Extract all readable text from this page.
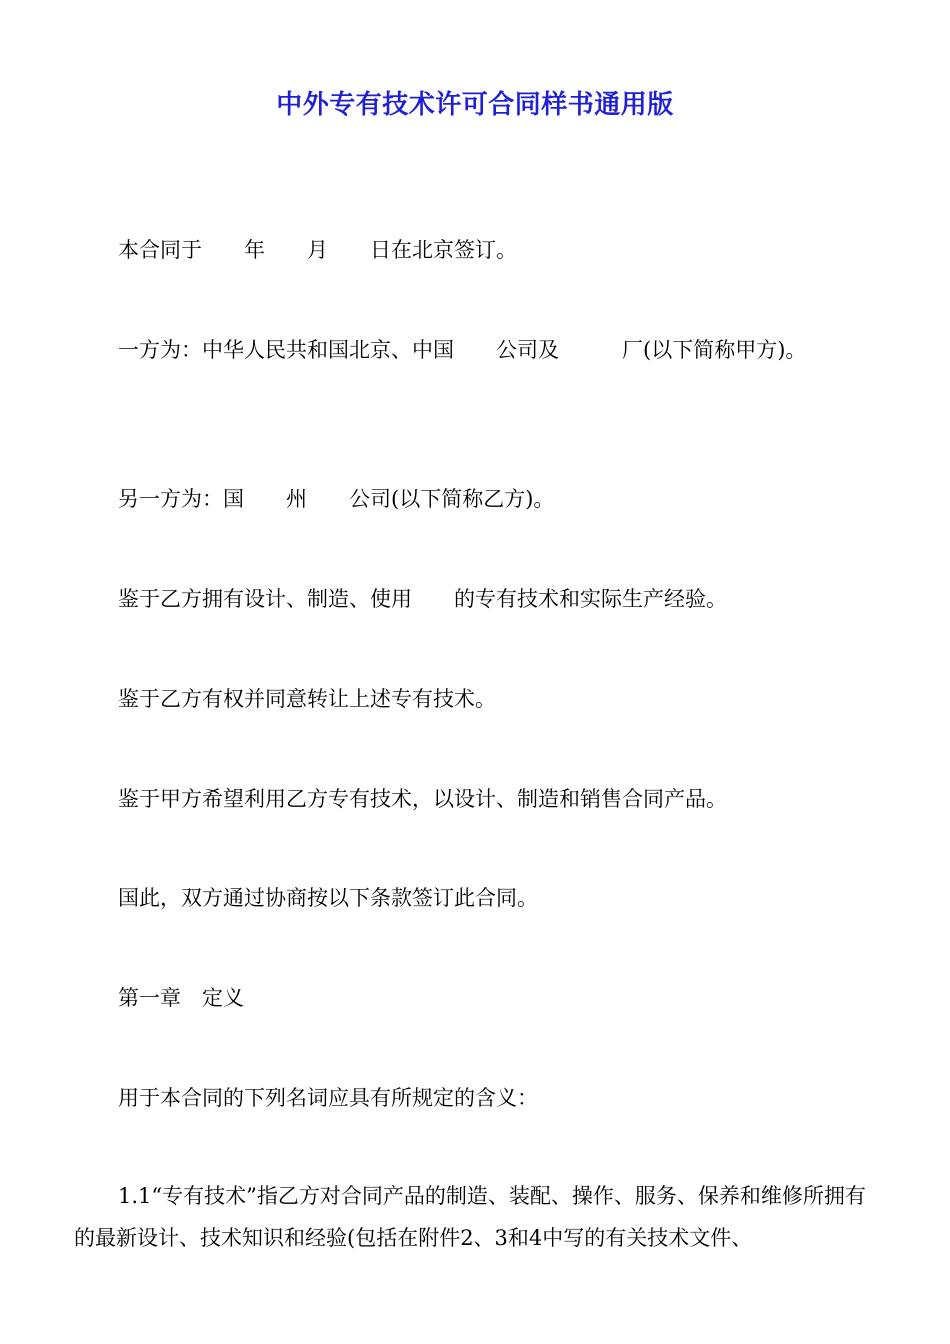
中外专有技术许可合同样书通用版
本合同于　　年　　月　　日在北京签订。
一方为：中华人民共和国北京、中国　　公司及　　　厂(以下简称甲方)。
另一方为：国　　州　　公司(以下简称乙方)。
鉴于乙方拥有设计、制造、使用　　的专有技术和实际生产经验。
鉴于乙方有权并同意转让上述专有技术。
鉴于甲方希望利用乙方专有技术，以设计、制造和销售合同产品。
国此，双方通过协商按以下条款签订此合同。
第一章　定义
用于本合同的下列名词应具有所规定的含义：
1.1“专有技术”指乙方对合同产品的制造、装配、操作、服务、保养和维修所拥有的最新设计、技术知识和经验(包括在附件2、3和4中写的有关技术文件、
